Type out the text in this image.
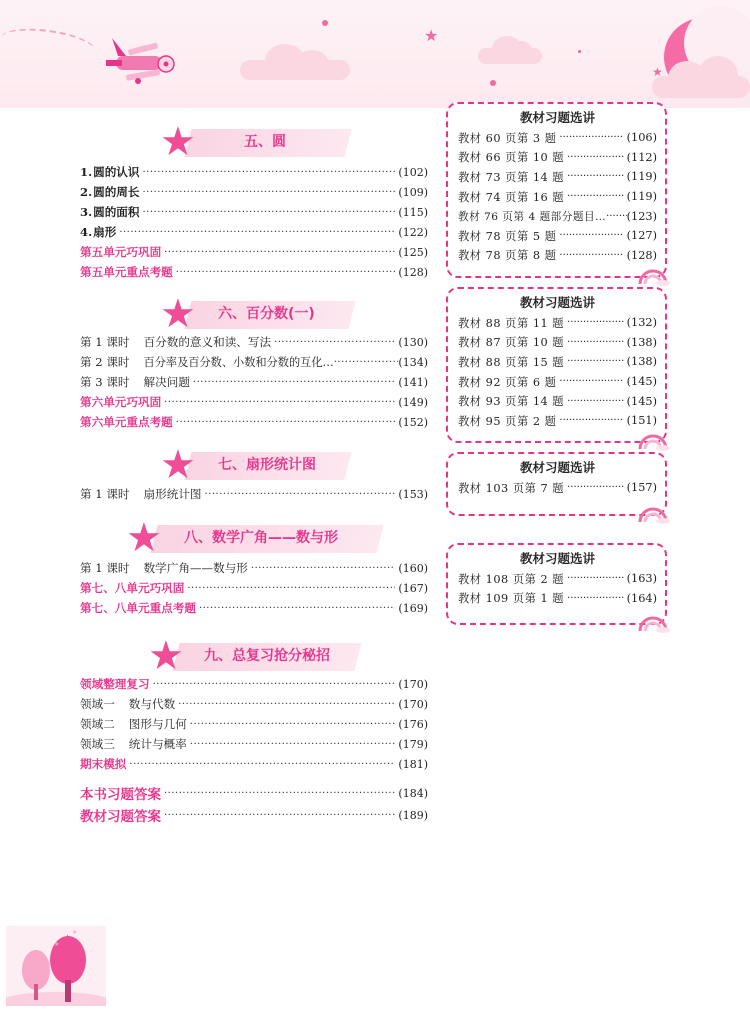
★
★
★	五、圆
1. 圆的认识 ·····	(102)
2. 圆的周长 ·····	(109)
3. 圆的面积 ·····	(115)
4. 扇形 ·····	(122)
第五单元巧巩固 ·····	(125)
第五单元重点考题 ·····	(128)
★ 六、百分数(一)
第 1 课时 百分数的意义和读、写法 ·····	(130)
第 2 课时 百分率及百分数、小数和分数的互化… ·····	(134)
第 3 课时 解决问题 ·····	(141)
第六单元巧巩固 ·····	(149)
第六单元重点考题 ·····	(152)
★ 七、扇形统计图
第 1 课时 扇形统计图 ·····	(153)
★ 八、数学广角——数与形
第 1 课时 数学广角——数与形 ·····	(160)
第七、八单元巧巩固 ·····	(167)
第七、八单元重点考题 ·····	(169)
★ 九、总复习抢分秘招
领域整理复习 ·····	(170)
领域一 数与代数 ·····	(170)
领域二 图形与几何 ·····	(176)
领域三 统计与概率 ·····	(179)
期末模拟 ·····	(181)
本书习题答案 ·····	(184)
教材习题答案 ·····	(189)
教材习题选讲
教材 60 页第 3 题 ·····	(106)
教材 66 页第 10 题 ·····	(112)
教材 73 页第 14 题 ·····	(119)
教材 74 页第 16 题 ·····	(119)
教材 76 页第 4 题部分题目… ····· (123)
教材 78 页第 5 题 ·····	(127)
教材 78 页第 8 题 ·····	(128)
教材习题选讲
教材 88 页第 11 题 ·····	(132)
教材 87 页第 10 题 ·····	(138)
教材 88 页第 15 题 ·····	(138)
教材 92 页第 6 题 ·····	(145)
教材 93 页第 14 题 ·····	(145)
教材 95 页第 2 题 ·····	(151)
教材习题选讲
教材 103 页第 7 题 ·····	(157)
教材习题选讲
教材 108 页第 2 题 ·····	(163)
教材 109 页第 1 题 ·····	(164)
★
★
★
